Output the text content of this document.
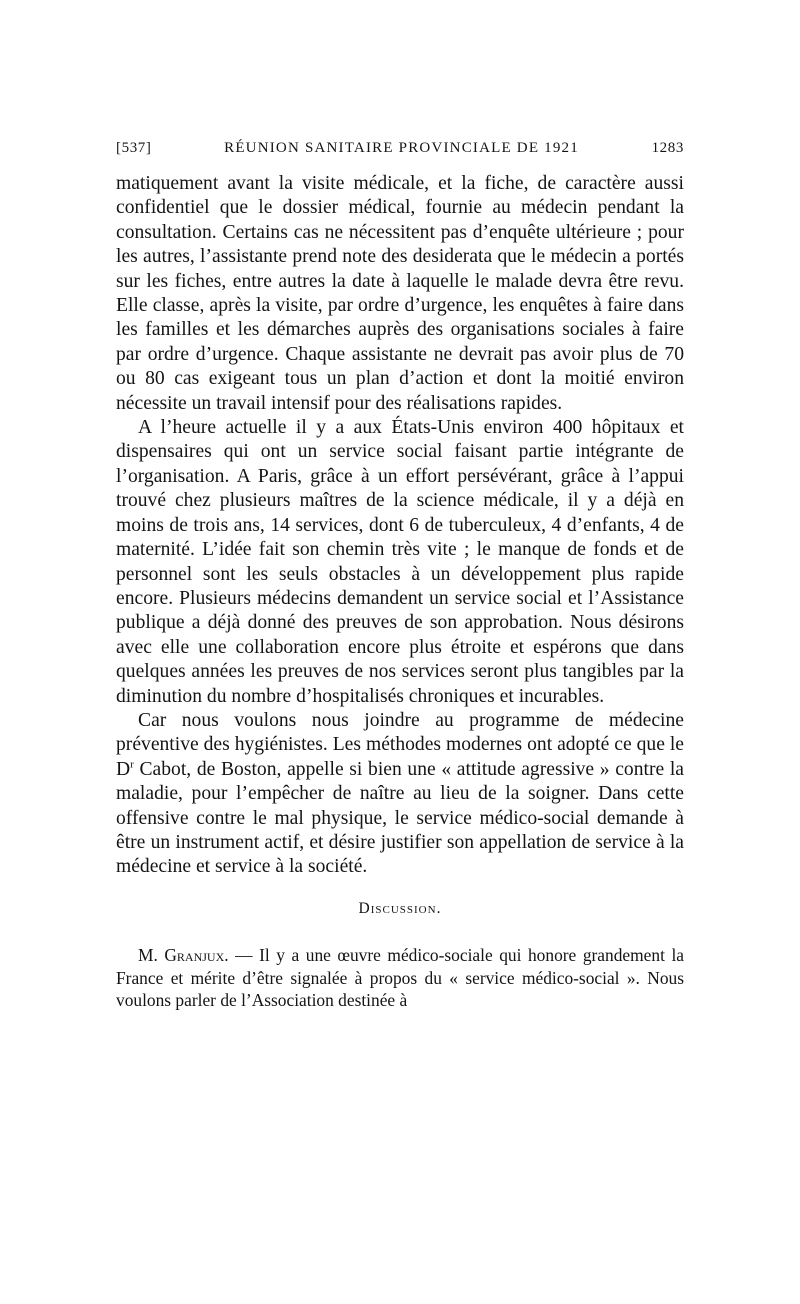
[537]	RÉUNION SANITAIRE PROVINCIALE DE 1921	1283

matiquement avant la visite médicale, et la fiche, de caractère aussi confidentiel que le dossier médical, fournie au médecin pendant la consultation. Certains cas ne nécessitent pas d’enquête ultérieure ; pour les autres, l’assistante prend note des desiderata que le médecin a portés sur les fiches, entre autres la date à laquelle le malade devra être revu. Elle classe, après la visite, par ordre d’urgence, les enquêtes à faire dans les familles et les démarches auprès des organisations sociales à faire par ordre d’urgence. Chaque assistante ne devrait pas avoir plus de 70 ou 80 cas exigeant tous un plan d’action et dont la moitié environ nécessite un travail intensif pour des réalisations rapides.

A l’heure actuelle il y a aux États-Unis environ 400 hôpitaux et dispensaires qui ont un service social faisant partie intégrante de l’organisation. A Paris, grâce à un effort persévérant, grâce à l’appui trouvé chez plusieurs maîtres de la science médicale, il y a déjà en moins de trois ans, 14 services, dont 6 de tuberculeux, 4 d’enfants, 4 de maternité. L’idée fait son chemin très vite ; le manque de fonds et de personnel sont les seuls obstacles à un développement plus rapide encore. Plusieurs médecins demandent un service social et l’Assistance publique a déjà donné des preuves de son approbation. Nous désirons avec elle une collaboration encore plus étroite et espérons que dans quelques années les preuves de nos services seront plus tangibles par la diminution du nombre d’hospitalisés chroniques et incurables.

Car nous voulons nous joindre au programme de médecine préventive des hygiénistes. Les méthodes modernes ont adopté ce que le $D^r$ Cabot, de Boston, appelle si bien une « attitude agressive » contre la maladie, pour l’empêcher de naître au lieu de la soigner. Dans cette offensive contre le mal physique, le service médico-social demande à être un instrument actif, et désire justifier son appellation de service à la médecine et service à la société.

Discussion.

M. Granjux. — Il y a une œuvre médico-sociale qui honore grandement la France et mérite d’être signalée à propos du « service médico-social ». Nous voulons parler de l’Association destinée à
